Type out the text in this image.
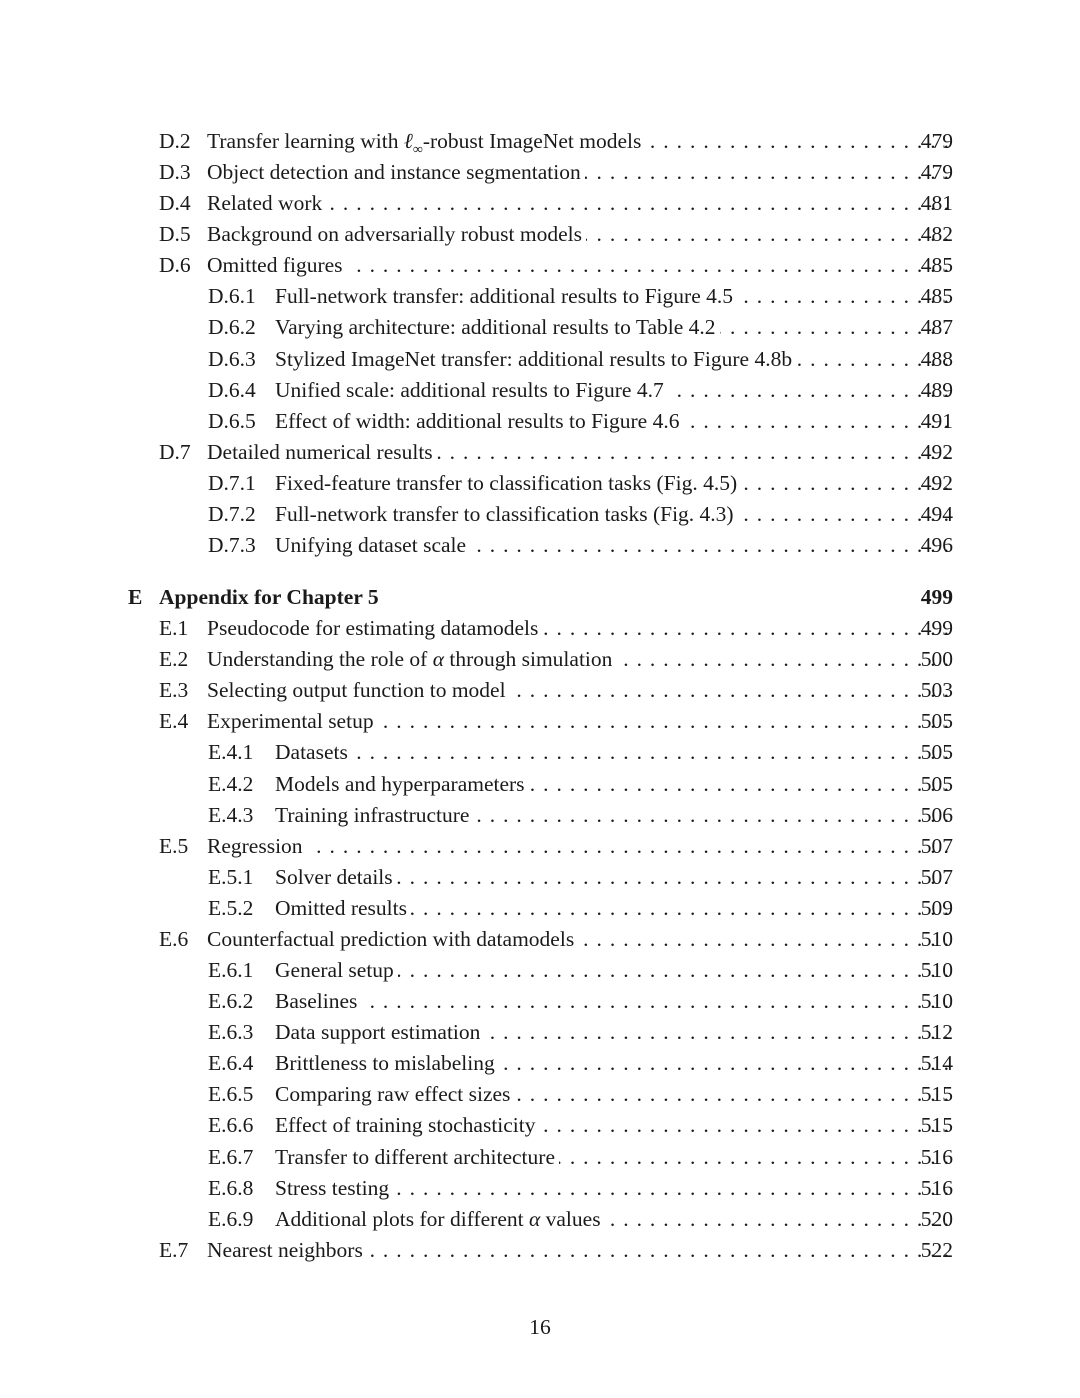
D.2 Transfer learning with ℓ$_\infty$-robust ImageNet models . . .	479
D.3 Object detection and instance segmentation . . .	479
D.4 Related work . . .	481
D.5 Background on adversarially robust models . . .	482
D.6 Omitted figures . . .	485
D.6.1 Full-network transfer: additional results to Figure 4.5 . . .	485
D.6.2 Varying architecture: additional results to Table 4.2 . . .	487
D.6.3 Stylized ImageNet transfer: additional results to Figure 4.8b . . .	488
D.6.4 Unified scale: additional results to Figure 4.7 . . .	489
D.6.5 Effect of width: additional results to Figure 4.6 . . .	491
D.7 Detailed numerical results . . .	492
D.7.1 Fixed-feature transfer to classification tasks (Fig. 4.5) . . .	492
D.7.2 Full-network transfer to classification tasks (Fig. 4.3) . . .	494
D.7.3 Unifying dataset scale . . .	496
E Appendix for Chapter 5	499
E.1 Pseudocode for estimating datamodels . . .	499
E.2 Understanding the role of α through simulation . . .	500
E.3 Selecting output function to model . . .	503
E.4 Experimental setup . . .	505
E.4.1 Datasets . . .	505
E.4.2 Models and hyperparameters . . .	505
E.4.3 Training infrastructure . . .	506
E.5 Regression . . .	507
E.5.1 Solver details . . .	507
E.5.2 Omitted results . . .	509
E.6 Counterfactual prediction with datamodels . . .	510
E.6.1 General setup . . .	510
E.6.2 Baselines . . .	510
E.6.3 Data support estimation . . .	512
E.6.4 Brittleness to mislabeling . . .	514
E.6.5 Comparing raw effect sizes . . .	515
E.6.6 Effect of training stochasticity . . .	515
E.6.7 Transfer to different architecture . . .	516
E.6.8 Stress testing . . .	516
E.6.9 Additional plots for different α values . . .	520
E.7 Nearest neighbors . . .	522
16
